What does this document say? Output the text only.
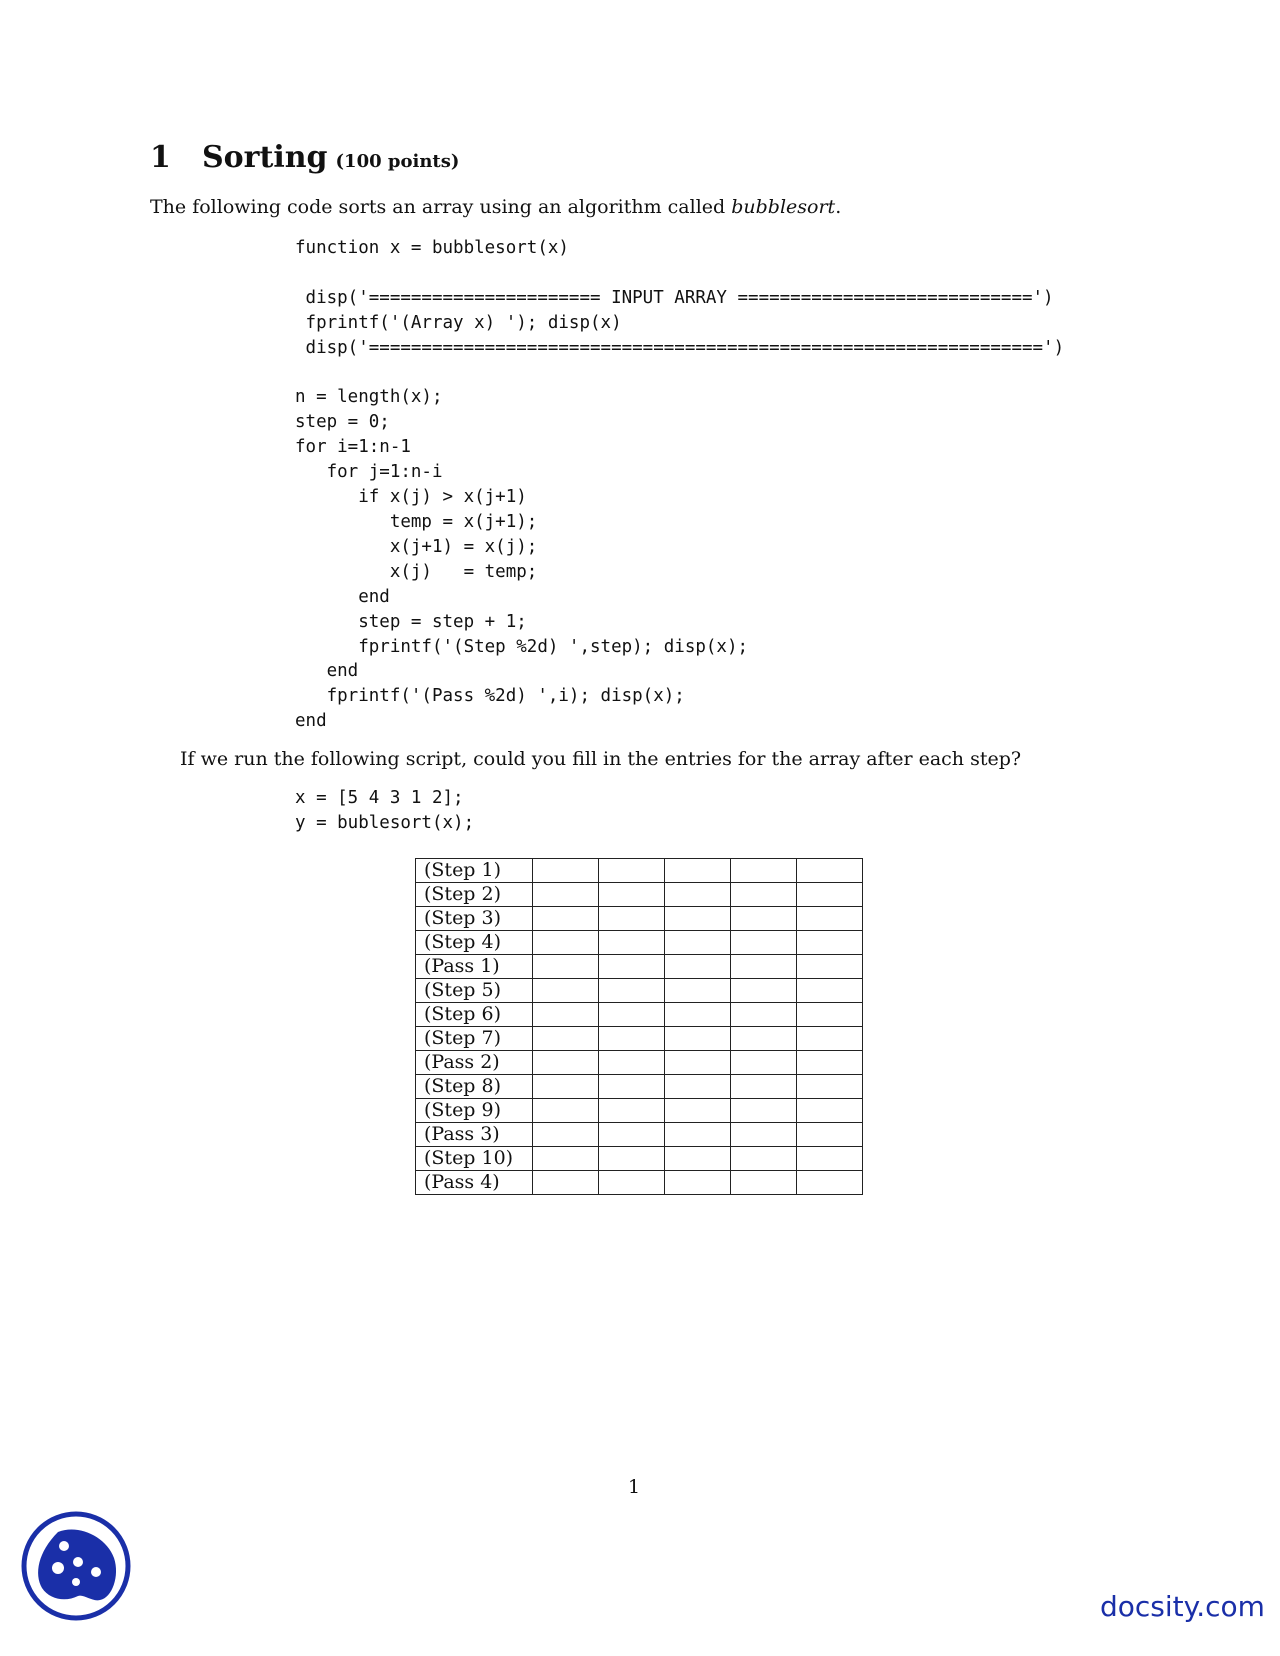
1 Sorting (100 points)
The following code sorts an array using an algorithm called bubblesort.
function x = bubblesort(x)

disp('====================== INPUT ARRAY ============================')
fprintf('(Array x) '); disp(x)
disp('================================================================')

n = length(x);
step = 0;
for i=1:n-1
for j=1:n-i
if x(j) > x(j+1)
temp = x(j+1);
x(j+1) = x(j);
x(j)   = temp;
end
step = step + 1;
fprintf('(Step %2d) ',step); disp(x);
end
fprintf('(Pass %2d) ',i); disp(x);
end
If we run the following script, could you fill in the entries for the array after each step?
x = [5 4 3 1 2];
y = bublesort(x);
(Step 1)					
(Step 2)					
(Step 3)					
(Step 4)					
(Pass 1)					
(Step 5)					
(Step 6)					
(Step 7)					
(Pass 2)					
(Step 8)					
(Step 9)					
(Pass 3)					
(Step 10)					
(Pass 4)					
1
docsity.com
